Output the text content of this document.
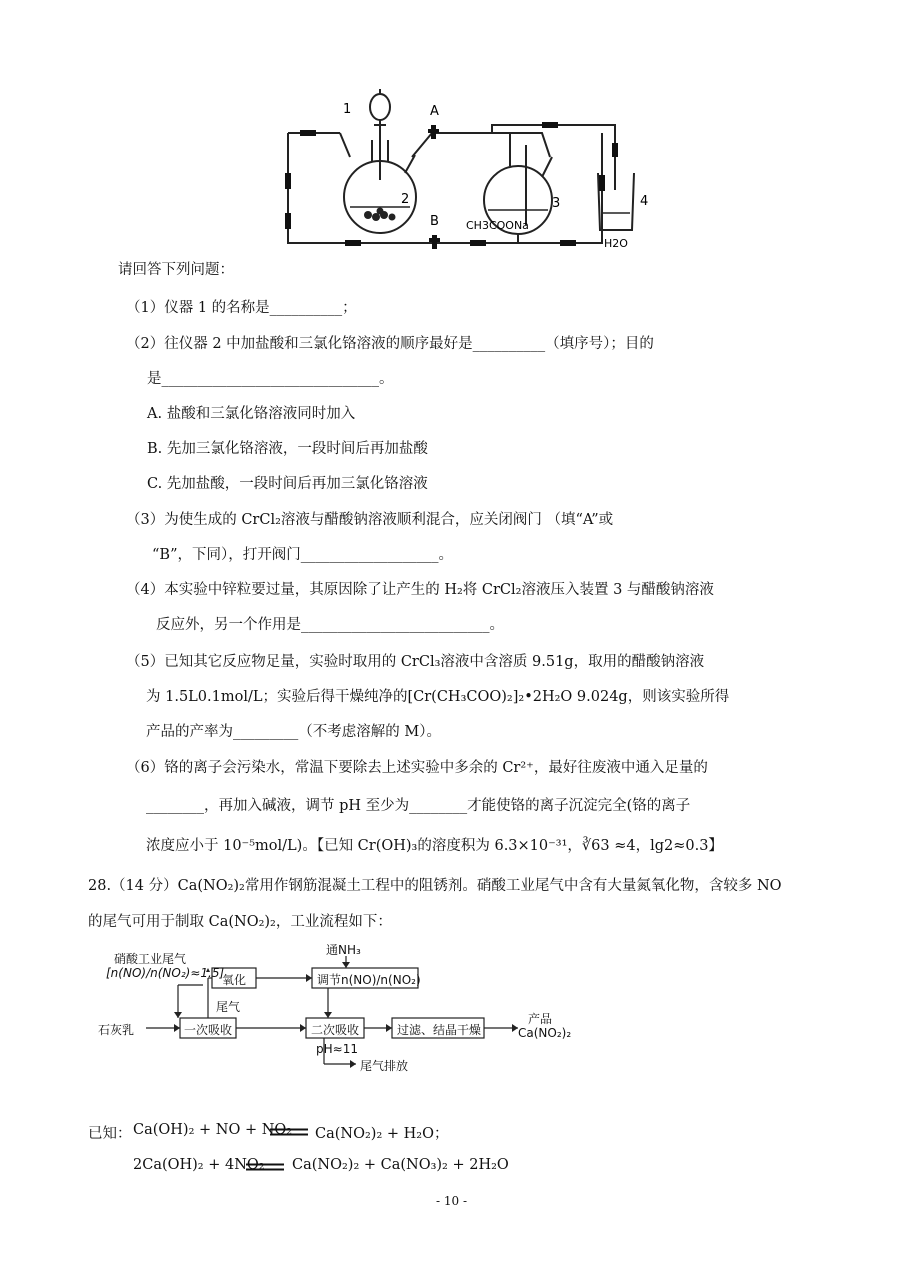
1
2	3	4
A
B CH3COONa
H2O
请回答下列问题：
（1）仪器 1 的名称是__________；
（2）往仪器 2 中加盐酸和三氯化铬溶液的顺序最好是__________（填序号）；目的
是______________________________。
A. 盐酸和三氯化铬溶液同时加入
B. 先加三氯化铬溶液，一段时间后再加盐酸
C. 先加盐酸，一段时间后再加三氯化铬溶液
（3）为使生成的 CrCl₂溶液与醋酸钠溶液顺利混合，应关闭阀门 （填“A”或
“B”，下同），打开阀门___________________。
（4）本实验中锌粒要过量，其原因除了让产生的 H₂将 CrCl₂溶液压入装置 3 与醋酸钠溶液
反应外，另一个作用是__________________________。
（5）已知其它反应物足量，实验时取用的 CrCl₃溶液中含溶质 9.51g，取用的醋酸钠溶液
为 1.5L0.1mol/L；实验后得干燥纯净的[Cr(CH₃COO)₂]₂•2H₂O 9.024g，则该实验所得
产品的产率为_________（不考虑溶解的 M）。
（6）铬的离子会污染水，常温下要除去上述实验中多余的 Cr²⁺，最好往废液中通入足量的
________，再加入碱液，调节 pH 至少为________才能使铬的离子沉淀完全(铬的离子
浓度应小于 10⁻⁵mol/L)。【已知 Cr(OH)₃的溶度积为 6.3×10⁻³¹，∛63 ≈4，lg2≈0.3】
28.（14 分）Ca(NO₂)₂常用作钢筋混凝土工程中的阻锈剂。硝酸工业尾气中含有大量氮氧化物，含较多 NO
的尾气可用于制取 Ca(NO₂)₂，工业流程如下：
硝酸工业尾气
[n(NO)/n(NO₂)≈1.5]
石灰乳	一次吸收
尾气
氧化
通NH₃
调节n(NO)/n(NO₂)
二次吸收	过滤、结晶干燥
产品
Ca(NO₂)₂
pH≈11
尾气排放
已知： Ca(OH)₂ + NO + NO₂ Ca(NO₂)₂ + H₂O；
2Ca(OH)₂ + 4NO₂ Ca(NO₂)₂ + Ca(NO₃)₂ + 2H₂O
- 10 -
